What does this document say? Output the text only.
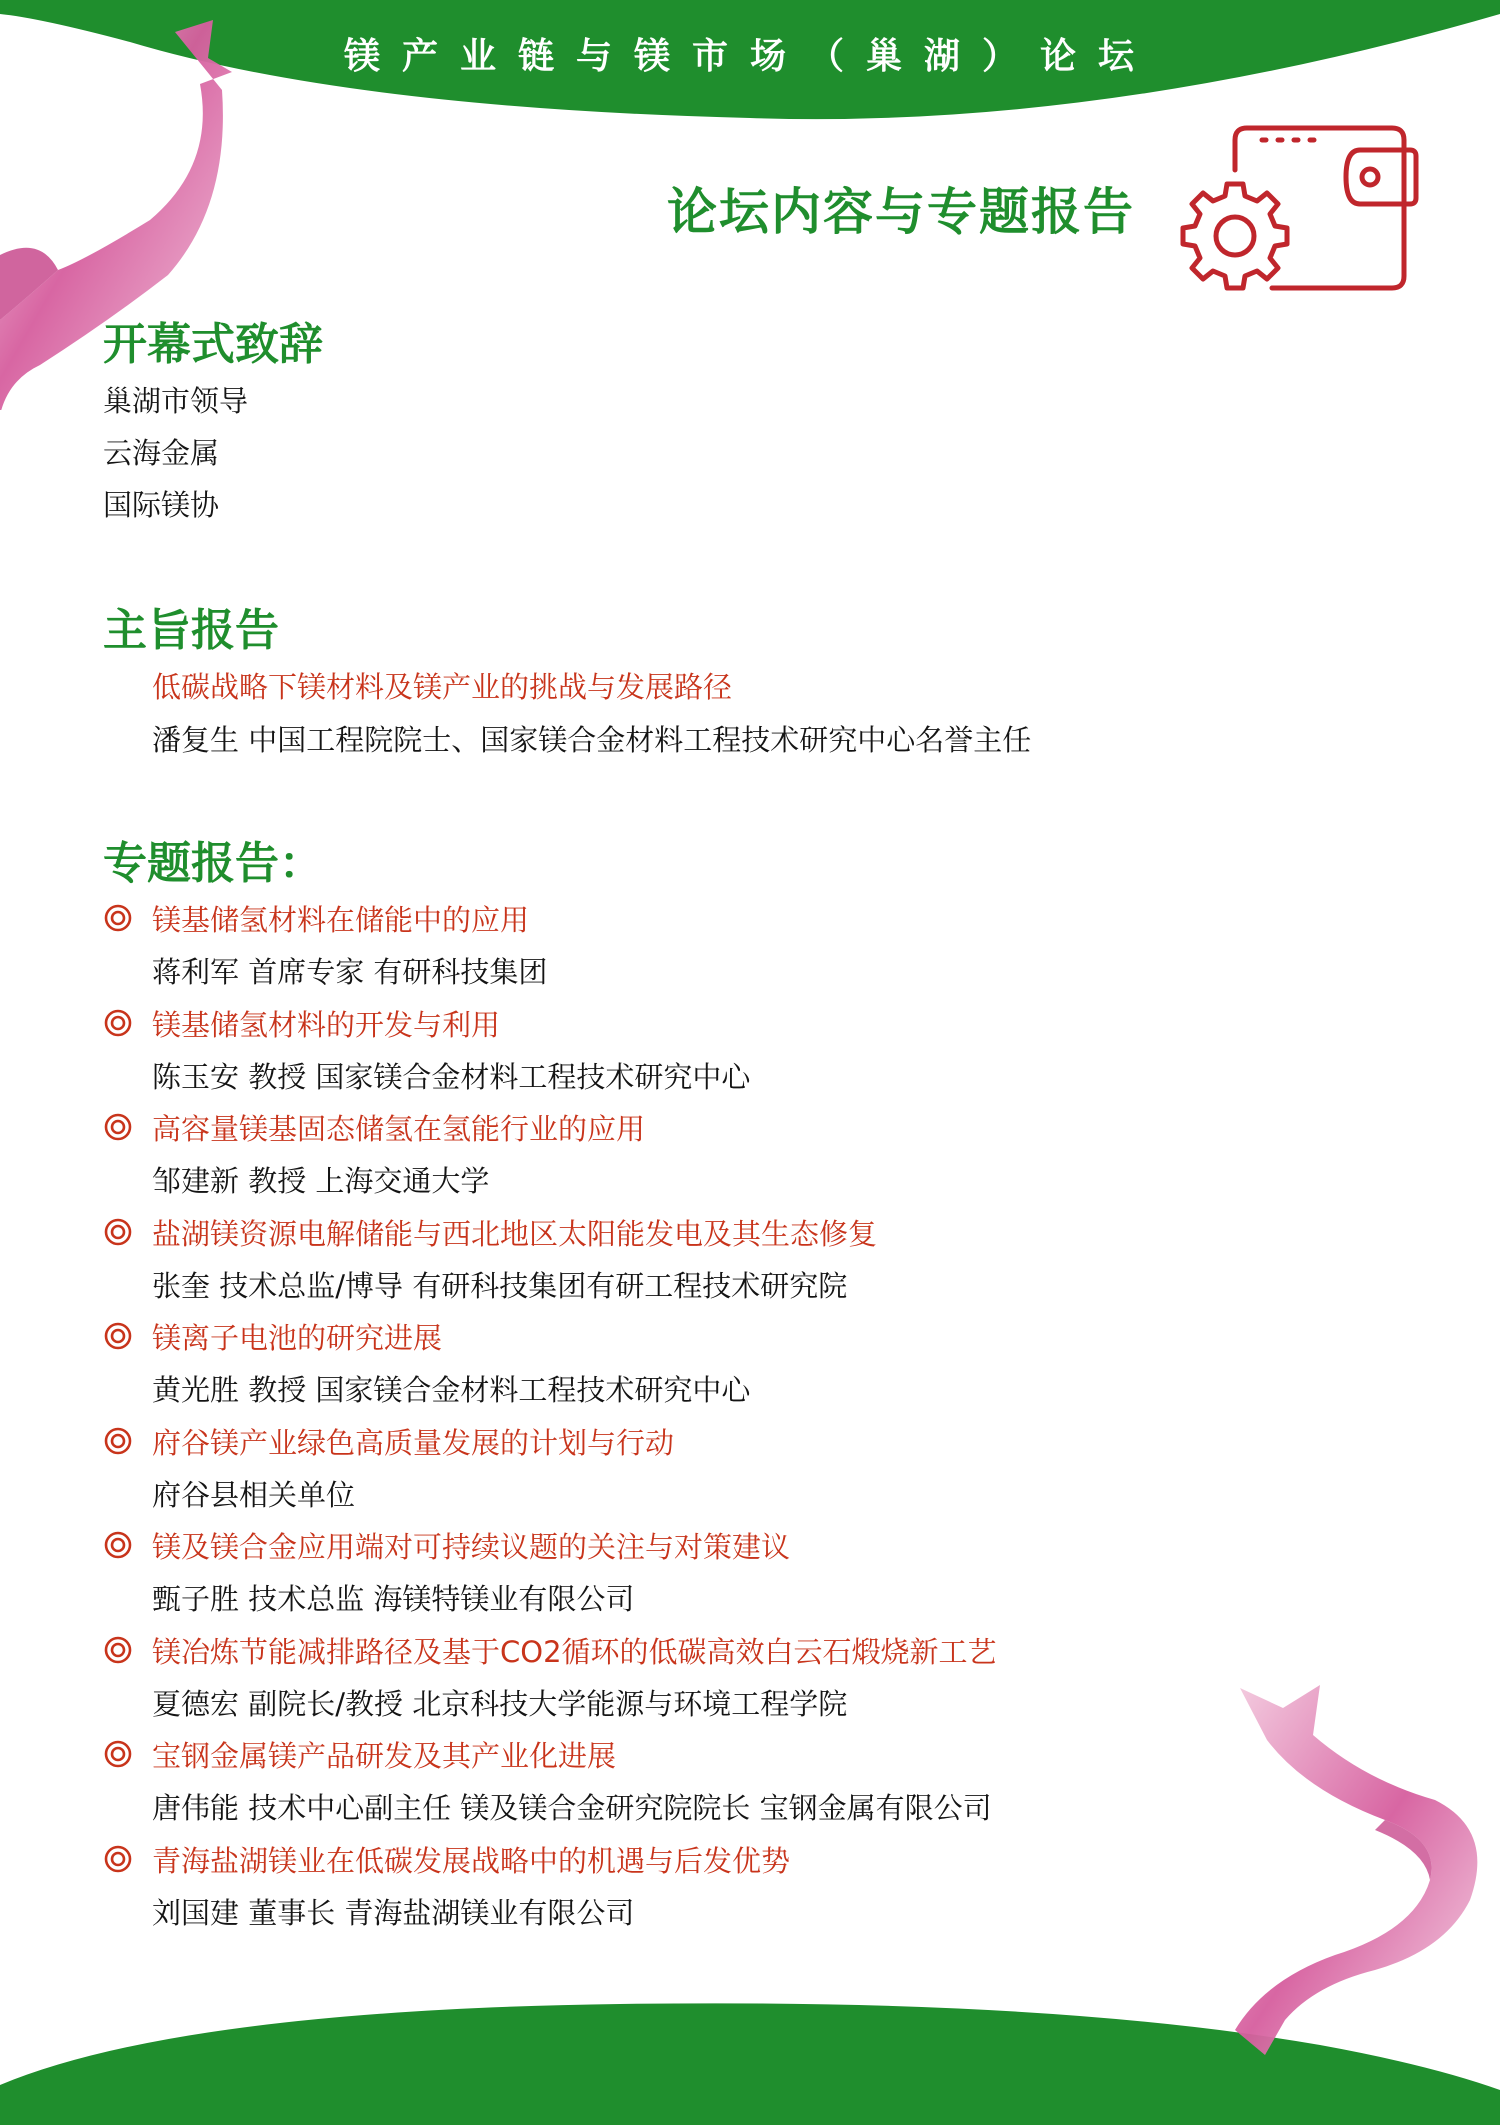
镁产业链与镁市场（巢湖）论坛
论坛内容与专题报告
开幕式致辞
巢湖市领导
云海金属
国际镁协
主旨报告
低碳战略下镁材料及镁产业的挑战与发展路径
潘复生 中国工程院院士、国家镁合金材料工程技术研究中心名誉主任
专题报告：
镁基储氢材料在储能中的应用
蒋利军 首席专家 有研科技集团
镁基储氢材料的开发与利用
陈玉安 教授 国家镁合金材料工程技术研究中心
高容量镁基固态储氢在氢能行业的应用
邹建新 教授 上海交通大学
盐湖镁资源电解储能与西北地区太阳能发电及其生态修复
张奎 技术总监/博导 有研科技集团有研工程技术研究院
镁离子电池的研究进展
黄光胜 教授 国家镁合金材料工程技术研究中心
府谷镁产业绿色高质量发展的计划与行动
府谷县相关单位
镁及镁合金应用端对可持续议题的关注与对策建议
甄子胜 技术总监 海镁特镁业有限公司
镁冶炼节能减排路径及基于CO2循环的低碳高效白云石煅烧新工艺
夏德宏 副院长/教授 北京科技大学能源与环境工程学院
宝钢金属镁产品研发及其产业化进展
唐伟能 技术中心副主任 镁及镁合金研究院院长 宝钢金属有限公司
青海盐湖镁业在低碳发展战略中的机遇与后发优势
刘国建 董事长 青海盐湖镁业有限公司
